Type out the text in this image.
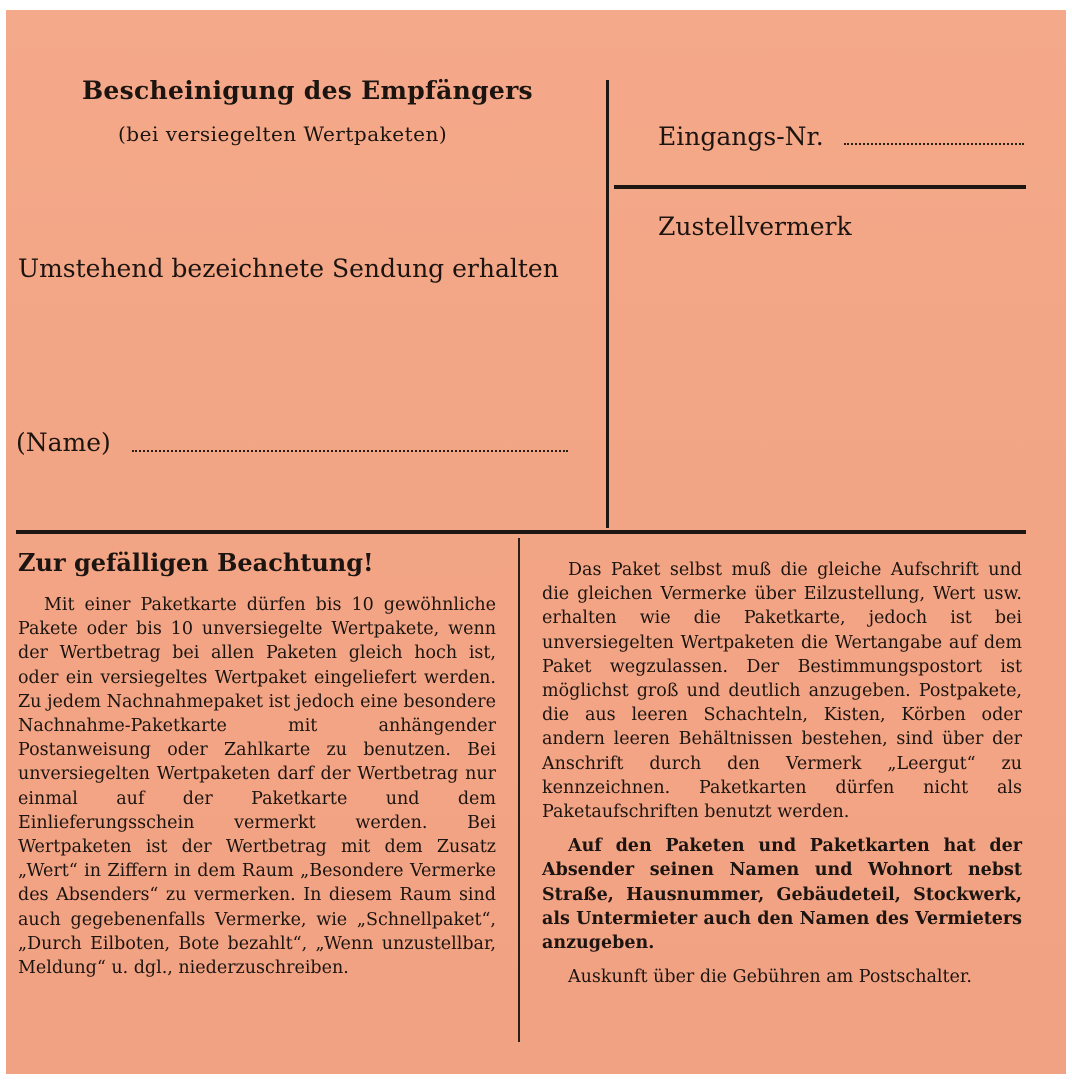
Bescheinigung des Empfängers
(bei versiegelten Wertpaketen)
Umstehend bezeichnete Sendung erhalten
(Name)
Eingangs-Nr.
Zustellvermerk
Zur gefälligen Beachtung!
Mit einer Paketkarte dürfen bis 10 gewöhnliche Pakete oder bis 10 unversiegelte Wertpakete, wenn der Wertbetrag bei allen Paketen gleich hoch ist, oder ein versiegeltes Wertpaket eingeliefert werden. Zu jedem Nachnahmepaket ist jedoch eine besondere Nachnahme-Paketkarte mit anhängender Postanweisung oder Zahlkarte zu benutzen. Bei unversiegelten Wertpaketen darf der Wertbetrag nur einmal auf der Paketkarte und dem Einlieferungsschein vermerkt werden. Bei Wertpaketen ist der Wertbetrag mit dem Zusatz „Wert“ in Ziffern in dem Raum „Besondere Vermerke des Absenders“ zu vermerken. In diesem Raum sind auch gegebenenfalls Vermerke, wie „Schnellpaket“, „Durch Eilboten, Bote bezahlt“, „Wenn unzustellbar, Meldung“ u. dgl., niederzuschreiben.

Das Paket selbst muß die gleiche Aufschrift und die gleichen Vermerke über Eilzustellung, Wert usw. erhalten wie die Paketkarte, jedoch ist bei unversiegelten Wertpaketen die Wertangabe auf dem Paket wegzulassen. Der Bestimmungspostort ist möglichst groß und deutlich anzugeben. Postpakete, die aus leeren Schachteln, Kisten, Körben oder andern leeren Behältnissen bestehen, sind über der Anschrift durch den Vermerk „Leergut“ zu kennzeichnen. Paketkarten dürfen nicht als Paketaufschriften benutzt werden.

Auf den Paketen und Paketkarten hat der Absender seinen Namen und Wohnort nebst Straße, Hausnummer, Gebäudeteil, Stockwerk, als Untermieter auch den Namen des Vermieters anzugeben.

Auskunft über die Gebühren am Postschalter.
